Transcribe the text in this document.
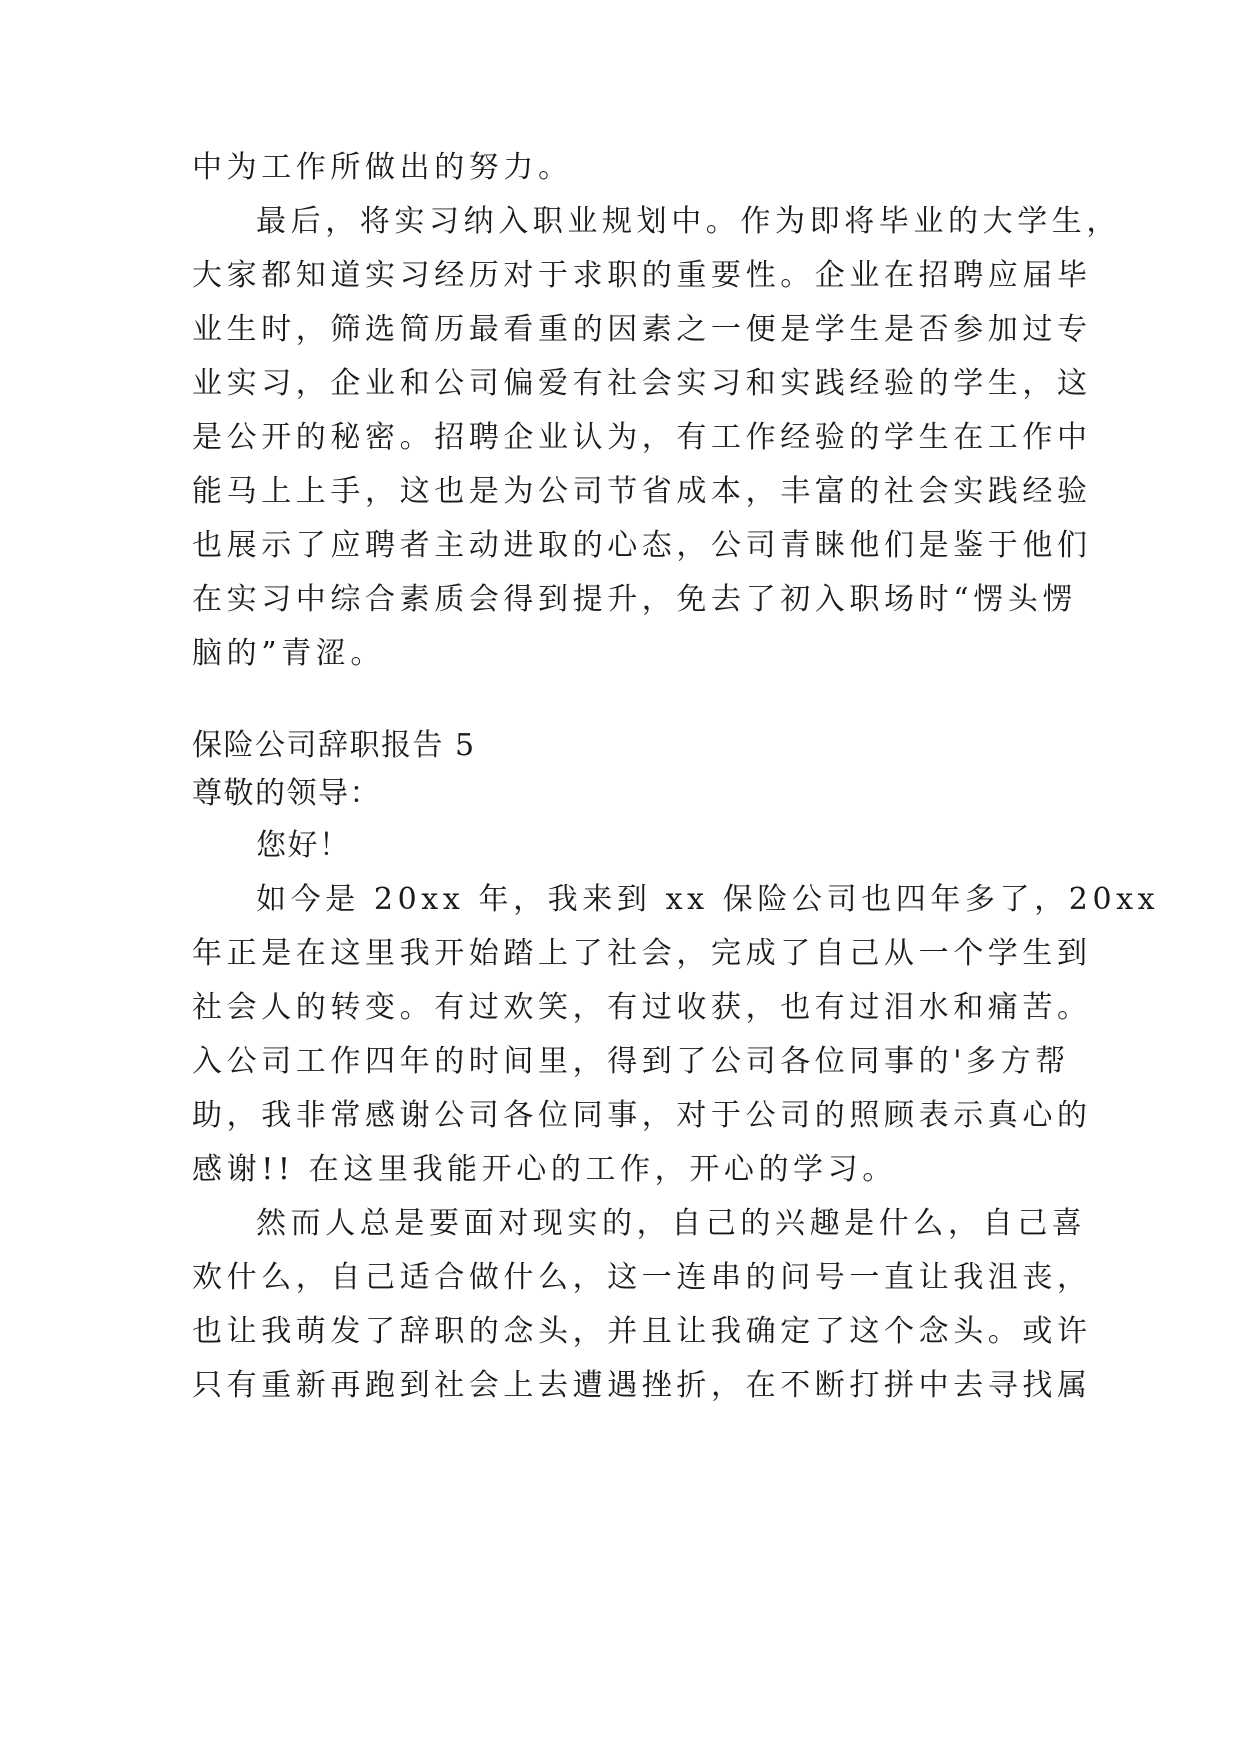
中为工作所做出的努力。
最后，将实习纳入职业规划中。作为即将毕业的大学生，
大家都知道实习经历对于求职的重要性。企业在招聘应届毕
业生时，筛选简历最看重的因素之一便是学生是否参加过专
业实习，企业和公司偏爱有社会实习和实践经验的学生，这
是公开的秘密。招聘企业认为，有工作经验的学生在工作中
能马上上手，这也是为公司节省成本，丰富的社会实践经验
也展示了应聘者主动进取的心态，公司青睐他们是鉴于他们
在实习中综合素质会得到提升，免去了初入职场时“愣头愣
脑的”青涩。
保险公司辞职报告 5
尊敬的领导：
您好！
如今是 20xx 年，我来到 xx 保险公司也四年多了，20xx
年正是在这里我开始踏上了社会，完成了自己从一个学生到
社会人的转变。有过欢笑，有过收获，也有过泪水和痛苦。
入公司工作四年的时间里，得到了公司各位同事的'多方帮
助，我非常感谢公司各位同事，对于公司的照顾表示真心的
感谢!! 在这里我能开心的工作，开心的学习。
然而人总是要面对现实的，自己的兴趣是什么，自己喜
欢什么，自己适合做什么，这一连串的问号一直让我沮丧，
也让我萌发了辞职的念头，并且让我确定了这个念头。或许
只有重新再跑到社会上去遭遇挫折，在不断打拼中去寻找属
